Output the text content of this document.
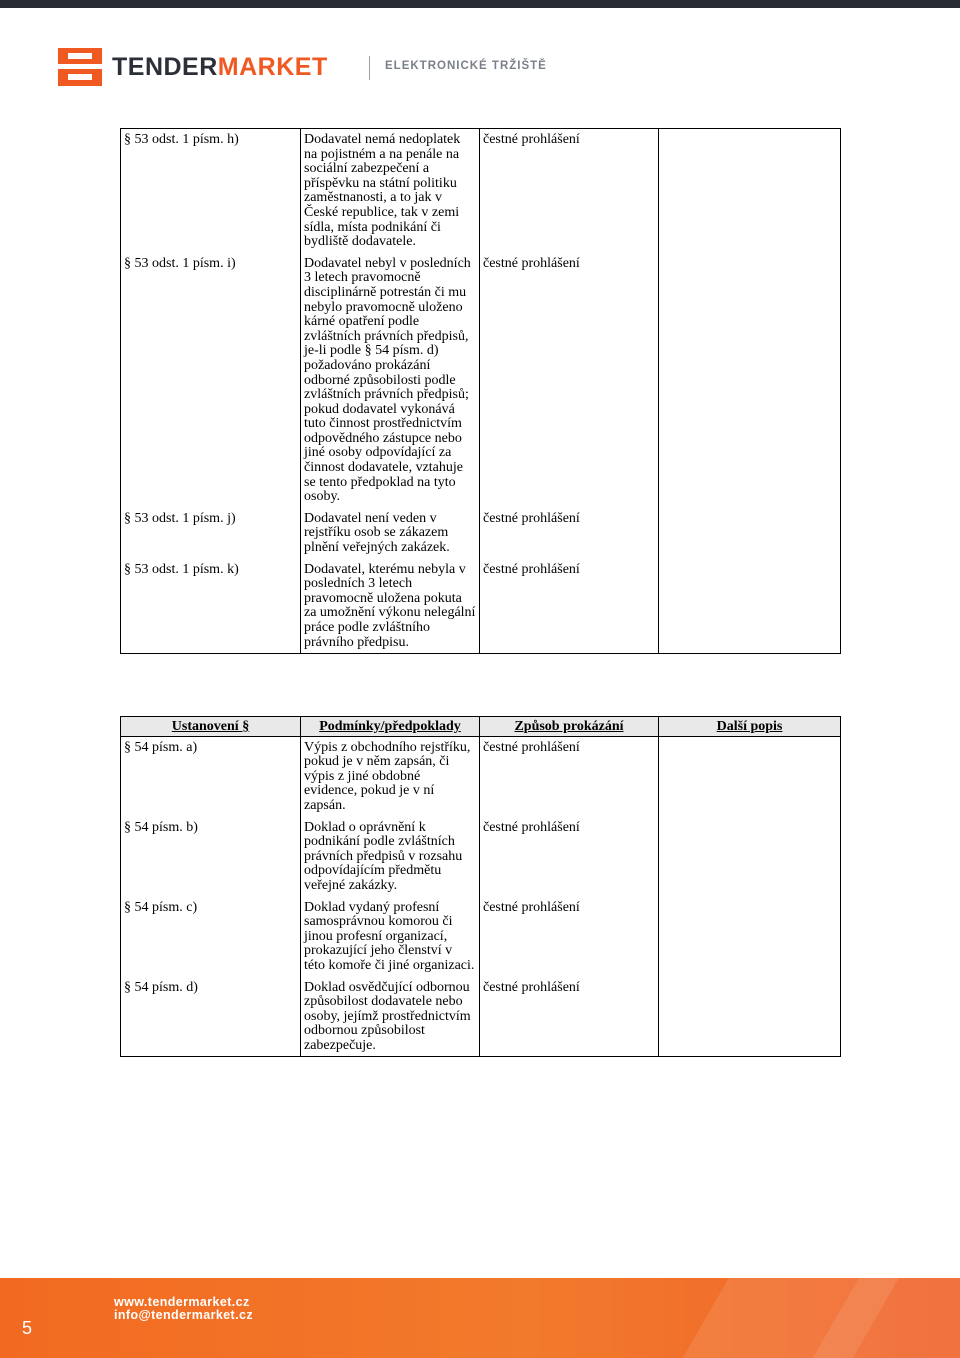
TENDERMARKET	ELEKTRONICKÉ TRŽIŠTĚ
§ 53 odst. 1 písm. h)	Dodavatel nemá nedoplatek na pojistném a na penále na sociální zabezpečení a příspěvku na státní politiku zaměstnanosti, a to jak v České republice, tak v zemi sídla, místa podnikání či bydliště dodavatele.	čestné prohlášení	
§ 53 odst. 1 písm. i)	Dodavatel nebyl v posledních 3 letech pravomocně disciplinárně potrestán či mu nebylo pravomocně uloženo kárné opatření podle zvláštních právních předpisů, je-li podle § 54 písm. d) požadováno prokázání odborné způsobilosti podle zvláštních právních předpisů; pokud dodavatel vykonává tuto činnost prostřednictvím odpovědného zástupce nebo jiné osoby odpovídající za činnost dodavatele, vztahuje se tento předpoklad na tyto osoby.	čestné prohlášení	
§ 53 odst. 1 písm. j)	Dodavatel není veden v rejstříku osob se zákazem plnění veřejných zakázek.	čestné prohlášení	
§ 53 odst. 1 písm. k)	Dodavatel, kterému nebyla v posledních 3 letech pravomocně uložena pokuta za umožnění výkonu nelegální práce podle zvláštního právního předpisu.	čestné prohlášení	
Ustanovení §	Podmínky/předpoklady	Způsob prokázání	Další popis
§ 54 písm. a)	Výpis z obchodního rejstříku, pokud je v něm zapsán, či výpis z jiné obdobné evidence, pokud je v ní zapsán.	čestné prohlášení	
§ 54 písm. b)	Doklad o oprávnění k podnikání podle zvláštních právních předpisů v rozsahu odpovídajícím předmětu veřejné zakázky.	čestné prohlášení	
§ 54 písm. c)	Doklad vydaný profesní samosprávnou komorou či jinou profesní organizací, prokazující jeho členství v této komoře či jiné organizaci.	čestné prohlášení	
§ 54 písm. d)	Doklad osvědčující odbornou způsobilost dodavatele nebo osoby, jejímž prostřednictvím odbornou způsobilost zabezpečuje.	čestné prohlášení	
5
www.tendermarket.cz
info@tendermarket.cz
